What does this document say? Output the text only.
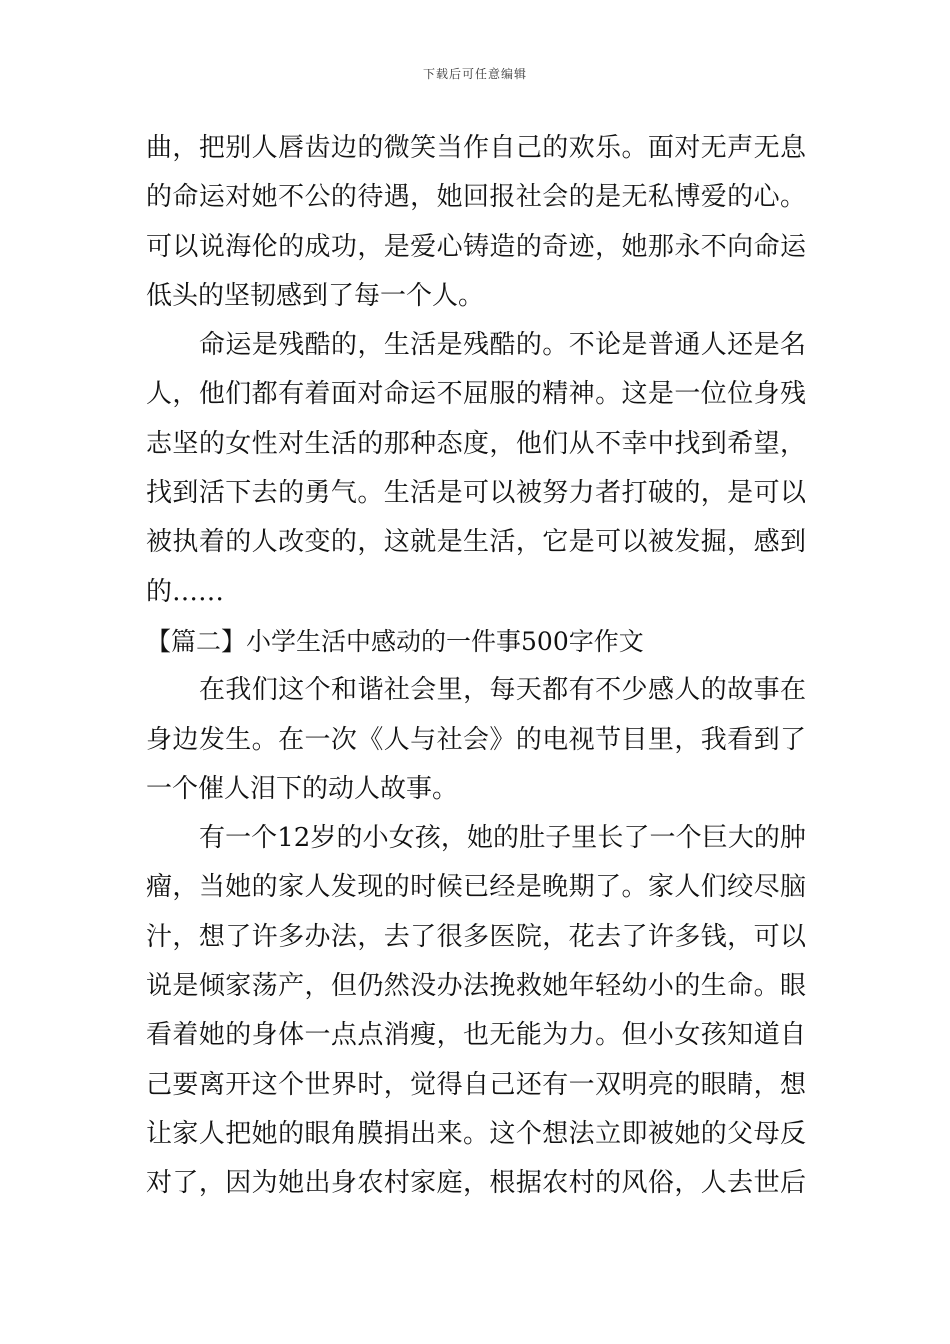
下载后可任意编辑
曲，把别人唇齿边的微笑当作自己的欢乐。面对无声无息
的命运对她不公的待遇，她回报社会的是无私博爱的心。
可以说海伦的成功，是爱心铸造的奇迹，她那永不向命运
低头的坚韧感到了每一个人。
命运是残酷的，生活是残酷的。不论是普通人还是名
人，他们都有着面对命运不屈服的精神。这是一位位身残
志坚的女性对生活的那种态度，他们从不幸中找到希望，
找到活下去的勇气。生活是可以被努力者打破的，是可以
被执着的人改变的，这就是生活，它是可以被发掘，感到
的……
【篇二】小学生活中感动的一件事500字作文
在我们这个和谐社会里，每天都有不少感人的故事在
身边发生。在一次《人与社会》的电视节目里，我看到了
一个催人泪下的动人故事。
有一个12岁的小女孩，她的肚子里长了一个巨大的肿
瘤，当她的家人发现的时候已经是晚期了。家人们绞尽脑
汁，想了许多办法，去了很多医院，花去了许多钱，可以
说是倾家荡产，但仍然没办法挽救她年轻幼小的生命。眼
看着她的身体一点点消瘦，也无能为力。但小女孩知道自
己要离开这个世界时，觉得自己还有一双明亮的眼睛，想
让家人把她的眼角膜捐出来。这个想法立即被她的父母反
对了，因为她出身农村家庭，根据农村的风俗，人去世后
